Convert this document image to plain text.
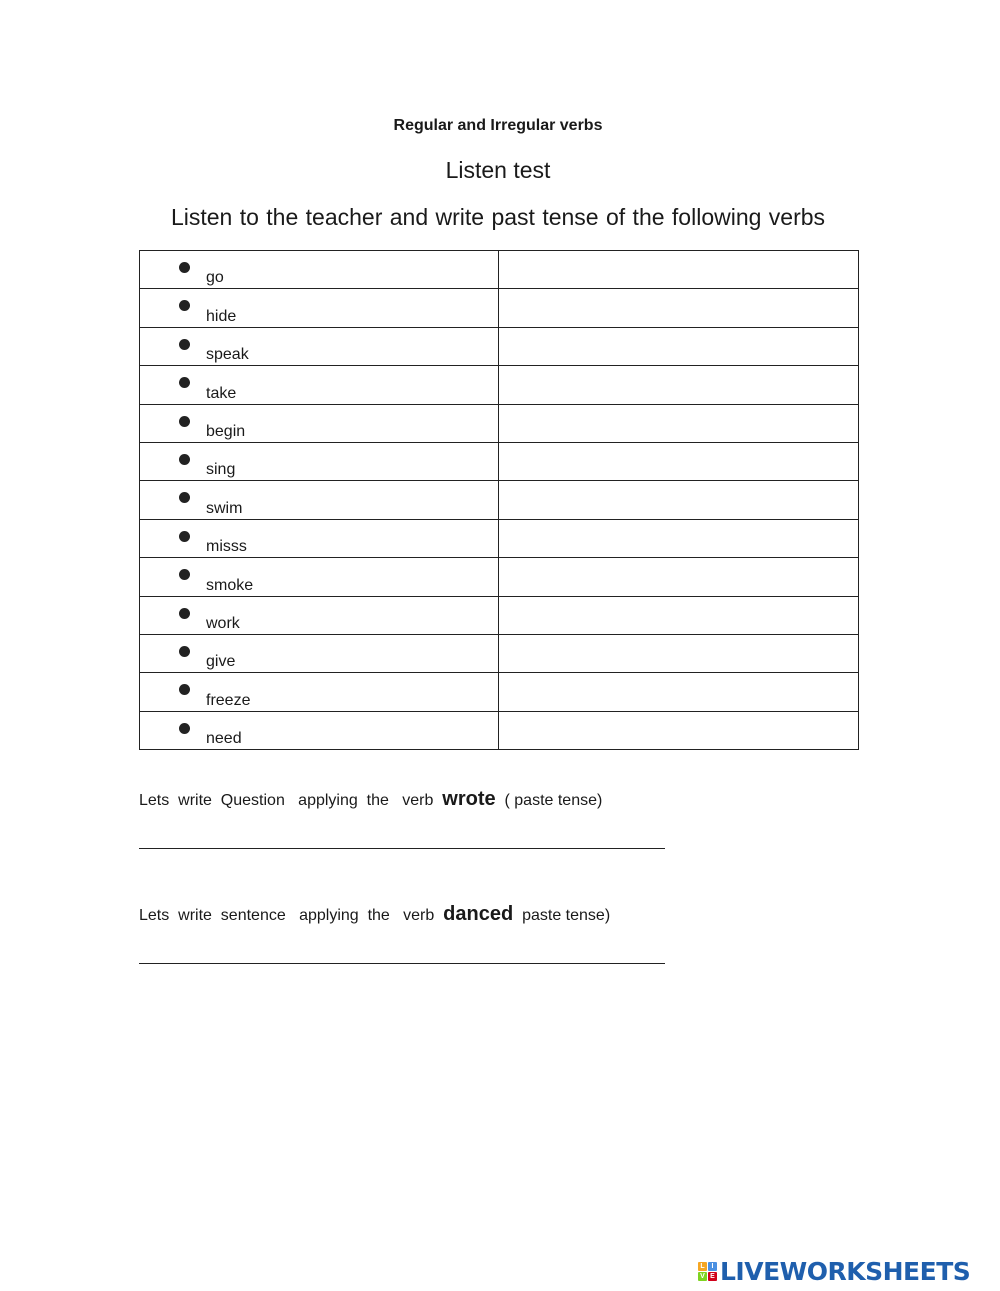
Regular and Irregular verbs
Listen test
Listen to the teacher and write past tense of the following verbs
go	

hide	

speak	

take	

begin	

sing	

swim	

misss	

smoke	

work	

give	

freeze	

need	

Lets  write  Question   applying  the   verb  wrote  ( paste tense)
Lets  write  sentence   applying  the   verb  danced  paste tense)
L I
V E LIVEWORKSHEETS
